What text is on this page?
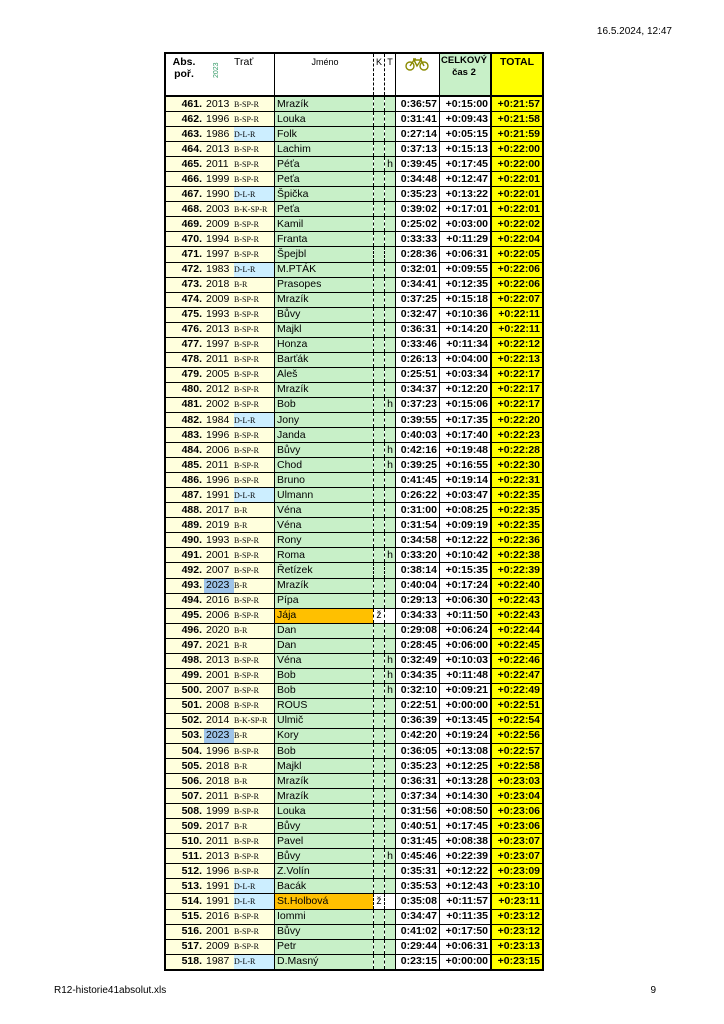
16.5.2024, 12:47
Abs.
poř.	2023
Trať		Jméno	K	T		CELKOVÝ
čas 2	TOTAL
461.	2013	B-SP-R	Mrazík			0:36:57	+0:15:00	+0:21:57
462.	1996	B-SP-R	Louka			0:31:41	+0:09:43	+0:21:58
463.	1986	D-L-R	Folk			0:27:14	+0:05:15	+0:21:59
464.	2013	B-SP-R	Lachim			0:37:13	+0:15:13	+0:22:00
465.	2011	B-SP-R	Péťa		h	0:39:45	+0:17:45	+0:22:00
466.	1999	B-SP-R	Peťa			0:34:48	+0:12:47	+0:22:01
467.	1990	D-L-R	Špička			0:35:23	+0:13:22	+0:22:01
468.	2003	B-K-SP-R	Peťa			0:39:02	+0:17:01	+0:22:01
469.	2009	B-SP-R	Kamil			0:25:02	+0:03:00	+0:22:02
470.	1994	B-SP-R	Franta			0:33:33	+0:11:29	+0:22:04
471.	1997	B-SP-R	Špejbl			0:28:36	+0:06:31	+0:22:05
472.	1983	D-L-R	M.PTÁK			0:32:01	+0:09:55	+0:22:06
473.	2018	B-R	Prasopes			0:34:41	+0:12:35	+0:22:06
474.	2009	B-SP-R	Mrazík			0:37:25	+0:15:18	+0:22:07
475.	1993	B-SP-R	Bůvy			0:32:47	+0:10:36	+0:22:11
476.	2013	B-SP-R	Majkl			0:36:31	+0:14:20	+0:22:11
477.	1997	B-SP-R	Honza			0:33:46	+0:11:34	+0:22:12
478.	2011	B-SP-R	Barťák			0:26:13	+0:04:00	+0:22:13
479.	2005	B-SP-R	Aleš			0:25:51	+0:03:34	+0:22:17
480.	2012	B-SP-R	Mrazík			0:34:37	+0:12:20	+0:22:17
481.	2002	B-SP-R	Bob		h	0:37:23	+0:15:06	+0:22:17
482.	1984	D-L-R	Jony			0:39:55	+0:17:35	+0:22:20
483.	1996	B-SP-R	Janda			0:40:03	+0:17:40	+0:22:23
484.	2006	B-SP-R	Bůvy		h	0:42:16	+0:19:48	+0:22:28
485.	2011	B-SP-R	Chod		h	0:39:25	+0:16:55	+0:22:30
486.	1996	B-SP-R	Bruno			0:41:45	+0:19:14	+0:22:31
487.	1991	D-L-R	Ulmann			0:26:22	+0:03:47	+0:22:35
488.	2017	B-R	Véna			0:31:00	+0:08:25	+0:22:35
489.	2019	B-R	Véna			0:31:54	+0:09:19	+0:22:35
490.	1993	B-SP-R	Rony			0:34:58	+0:12:22	+0:22:36
491.	2001	B-SP-R	Roma		h	0:33:20	+0:10:42	+0:22:38
492.	2007	B-SP-R	Řetízek			0:38:14	+0:15:35	+0:22:39
493.	2023	B-R	Mrazík			0:40:04	+0:17:24	+0:22:40
494.	2016	B-SP-R	Pípa			0:29:13	+0:06:30	+0:22:43
495.	2006	B-SP-R	Jája	ž		0:34:33	+0:11:50	+0:22:43
496.	2020	B-R	Dan			0:29:08	+0:06:24	+0:22:44
497.	2021	B-R	Dan			0:28:45	+0:06:00	+0:22:45
498.	2013	B-SP-R	Véna		h	0:32:49	+0:10:03	+0:22:46
499.	2001	B-SP-R	Bob		h	0:34:35	+0:11:48	+0:22:47
500.	2007	B-SP-R	Bob		h	0:32:10	+0:09:21	+0:22:49
501.	2008	B-SP-R	ROUS			0:22:51	+0:00:00	+0:22:51
502.	2014	B-K-SP-R	Ulmič			0:36:39	+0:13:45	+0:22:54
503.	2023	B-R	Kory			0:42:20	+0:19:24	+0:22:56
504.	1996	B-SP-R	Bob			0:36:05	+0:13:08	+0:22:57
505.	2018	B-R	Majkl			0:35:23	+0:12:25	+0:22:58
506.	2018	B-R	Mrazík			0:36:31	+0:13:28	+0:23:03
507.	2011	B-SP-R	Mrazík			0:37:34	+0:14:30	+0:23:04
508.	1999	B-SP-R	Louka			0:31:56	+0:08:50	+0:23:06
509.	2017	B-R	Bůvy			0:40:51	+0:17:45	+0:23:06
510.	2011	B-SP-R	Pavel			0:31:45	+0:08:38	+0:23:07
511.	2013	B-SP-R	Bůvy		h	0:45:46	+0:22:39	+0:23:07
512.	1996	B-SP-R	Z.Volín			0:35:31	+0:12:22	+0:23:09
513.	1991	D-L-R	Bacák			0:35:53	+0:12:43	+0:23:10
514.	1991	D-L-R	St.Holbová	ž		0:35:08	+0:11:57	+0:23:11
515.	2016	B-SP-R	Iommi			0:34:47	+0:11:35	+0:23:12
516.	2001	B-SP-R	Bůvy			0:41:02	+0:17:50	+0:23:12
517.	2009	B-SP-R	Petr			0:29:44	+0:06:31	+0:23:13
518.	1987	D-L-R	D.Masný			0:23:15	+0:00:00	+0:23:15
R12-historie41absolut.xls	9
